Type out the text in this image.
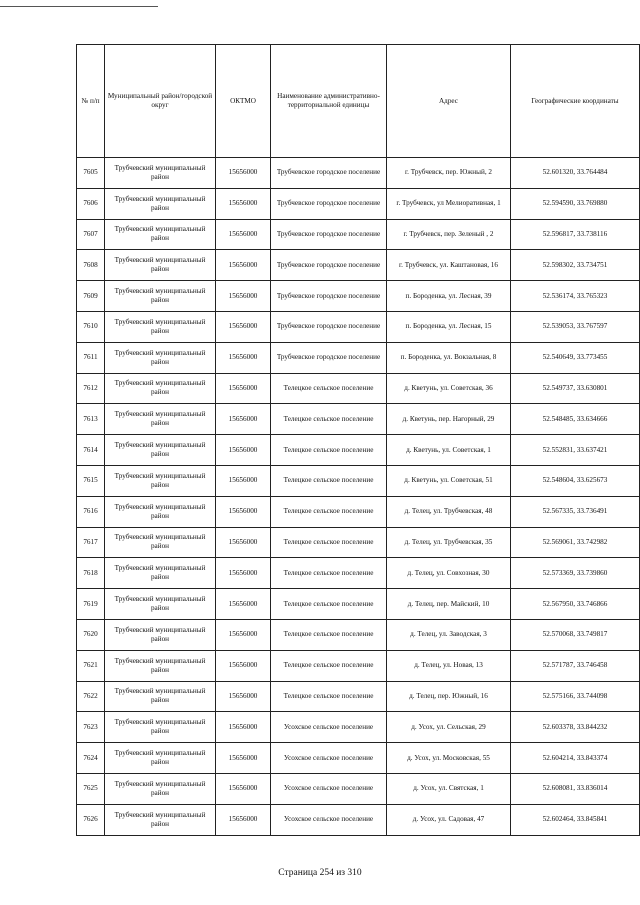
№ п/п	Муниципальный район/городской округ	ОКТМО	Наименование административно-территориальной единицы	Адрес	Географические координаты
7605	Трубчевский муниципальный район	15656000	Трубчевское городское поселение	г. Трубчевск, пер. Южный, 2	52.601320, 33.764484
7606	Трубчевский муниципальный район	15656000	Трубчевское городское поселение	г. Трубчевск, ул Мелиоративная, 1	52.594590, 33.769880
7607	Трубчевский муниципальный район	15656000	Трубчевское городское поселение	г. Трубчевск, пер. Зеленый , 2	52.596817, 33.738116
7608	Трубчевский муниципальный район	15656000	Трубчевское городское поселение	г. Трубчевск, ул. Каштановая, 16	52.598302, 33.734751
7609	Трубчевский муниципальный район	15656000	Трубчевское городское поселение	п. Бороденка, ул. Лесная, 39	52.536174, 33.765323
7610	Трубчевский муниципальный район	15656000	Трубчевское городское поселение	п. Бороденка, ул. Лесная, 15	52.539053, 33.767597
7611	Трубчевский муниципальный район	15656000	Трубчевское городское поселение	п. Бороденка, ул. Вокзальная, 8	52.540649, 33.773455
7612	Трубчевский муниципальный район	15656000	Телецкое сельское поселение	д. Кветунь, ул. Советская, 36	52.549737, 33.630801
7613	Трубчевский муниципальный район	15656000	Телецкое сельское поселение	д. Кветунь, пер. Нагорный, 29	52.548485, 33.634666
7614	Трубчевский муниципальный район	15656000	Телецкое сельское поселение	д. Кветунь, ул. Советская, 1	52.552831, 33.637421
7615	Трубчевский муниципальный район	15656000	Телецкое сельское поселение	д. Кветунь, ул. Советская, 51	52.548604, 33.625673
7616	Трубчевский муниципальный район	15656000	Телецкое сельское поселение	д. Телец, ул. Трубчевская, 48	52.567335, 33.736491
7617	Трубчевский муниципальный район	15656000	Телецкое сельское поселение	д. Телец, ул. Трубчевская, 35	52.569061, 33.742982
7618	Трубчевский муниципальный район	15656000	Телецкое сельское поселение	д. Телец, ул. Совхозная, 30	52.573369, 33.739860
7619	Трубчевский муниципальный район	15656000	Телецкое сельское поселение	д. Телец, пер. Майский, 10	52.567950, 33.746866
7620	Трубчевский муниципальный район	15656000	Телецкое сельское поселение	д. Телец, ул. Заводская, 3	52.570068, 33.749817
7621	Трубчевский муниципальный район	15656000	Телецкое сельское поселение	д. Телец, ул. Новая, 13	52.571787, 33.746458
7622	Трубчевский муниципальный район	15656000	Телецкое сельское поселение	д. Телец, пер. Южный, 16	52.575166, 33.744098
7623	Трубчевский муниципальный район	15656000	Усохское сельское поселение	д. Усох, ул. Сельская, 29	52.603378, 33.844232
7624	Трубчевский муниципальный район	15656000	Усохское сельское поселение	д. Усох, ул. Московская, 55	52.604214, 33.843374
7625	Трубчевский муниципальный район	15656000	Усохское сельское поселение	д. Усох, ул. Святская, 1	52.608081, 33.836014
7626	Трубчевский муниципальный район	15656000	Усохское сельское поселение	д. Усох, ул. Садовая, 47	52.602464, 33.845841
Страница 254 из 310
